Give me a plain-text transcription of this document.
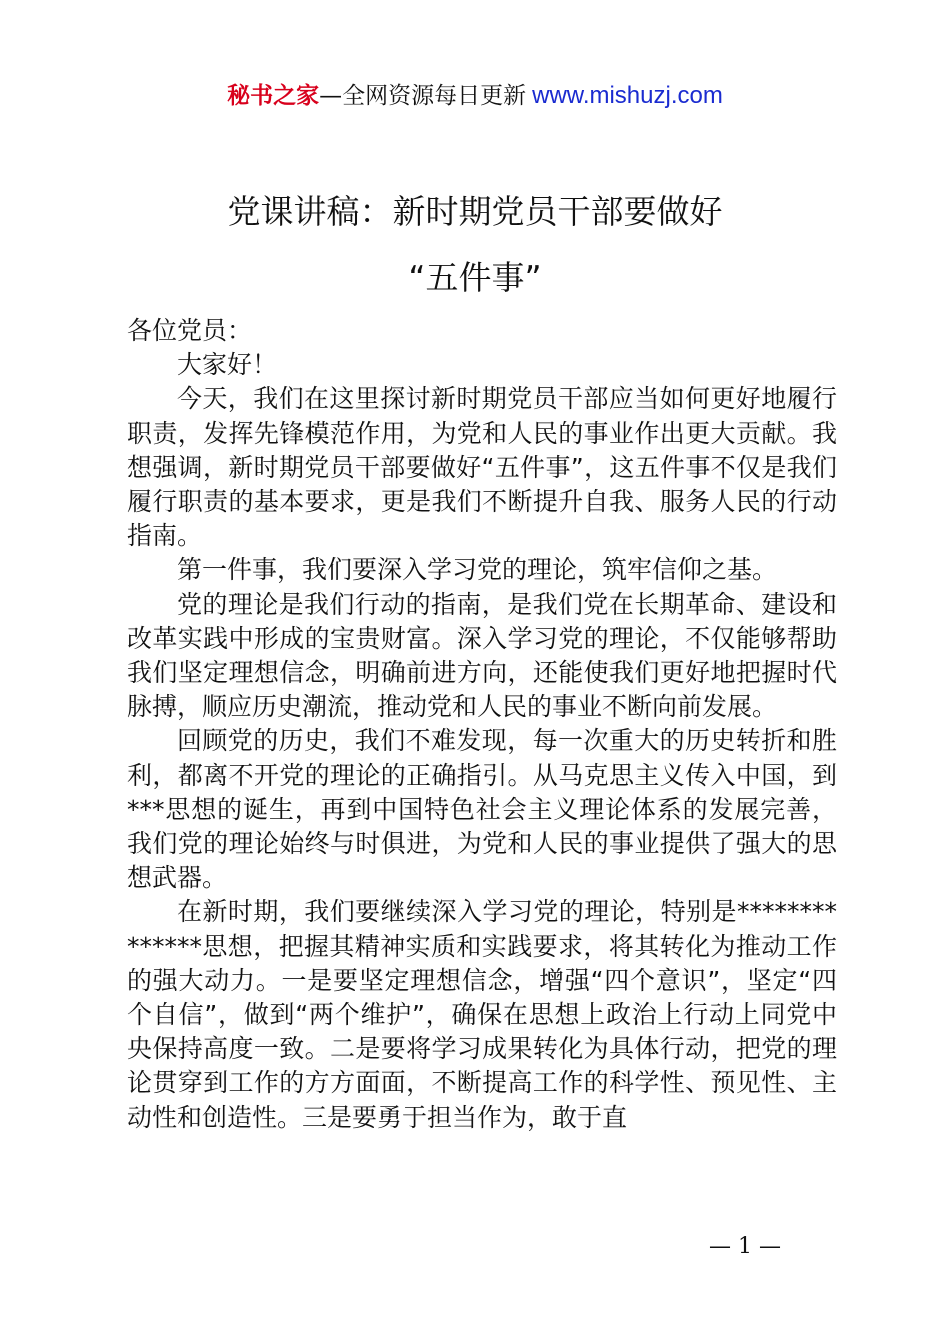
秘书之家—全网资源每日更新 www.mishuzj.com
党课讲稿：新时期党员干部要做好
“五件事”

各位党员：

大家好！

今天，我们在这里探讨新时期党员干部应当如何更好地履行职责，发挥先锋模范作用，为党和人民的事业作出更大贡献。我想强调，新时期党员干部要做好“五件事”，这五件事不仅是我们履行职责的基本要求，更是我们不断提升自我、服务人民的行动指南。

第一件事，我们要深入学习党的理论，筑牢信仰之基。

党的理论是我们行动的指南，是我们党在长期革命、建设和改革实践中形成的宝贵财富。深入学习党的理论，不仅能够帮助我们坚定理想信念，明确前进方向，还能使我们更好地把握时代脉搏，顺应历史潮流，推动党和人民的事业不断向前发展。

回顾党的历史，我们不难发现，每一次重大的历史转折和胜利，都离不开党的理论的正确指引。从马克思主义传入中国，到***思想的诞生，再到中国特色社会主义理论体系的发展完善，我们党的理论始终与时俱进，为党和人民的事业提供了强大的思想武器。

在新时期，我们要继续深入学习党的理论，特别是**************思想，把握其精神实质和实践要求，将其转化为推动工作的强大动力。一是要坚定理想信念，增强“四个意识”，坚定“四个自信”，做到“两个维护”，确保在思想上政治上行动上同党中央保持高度一致。二是要将学习成果转化为具体行动，把党的理论贯穿到工作的方方面面，不断提高工作的科学性、预见性、主动性和创造性。三是要勇于担当作为，敢于直

— 1 —
